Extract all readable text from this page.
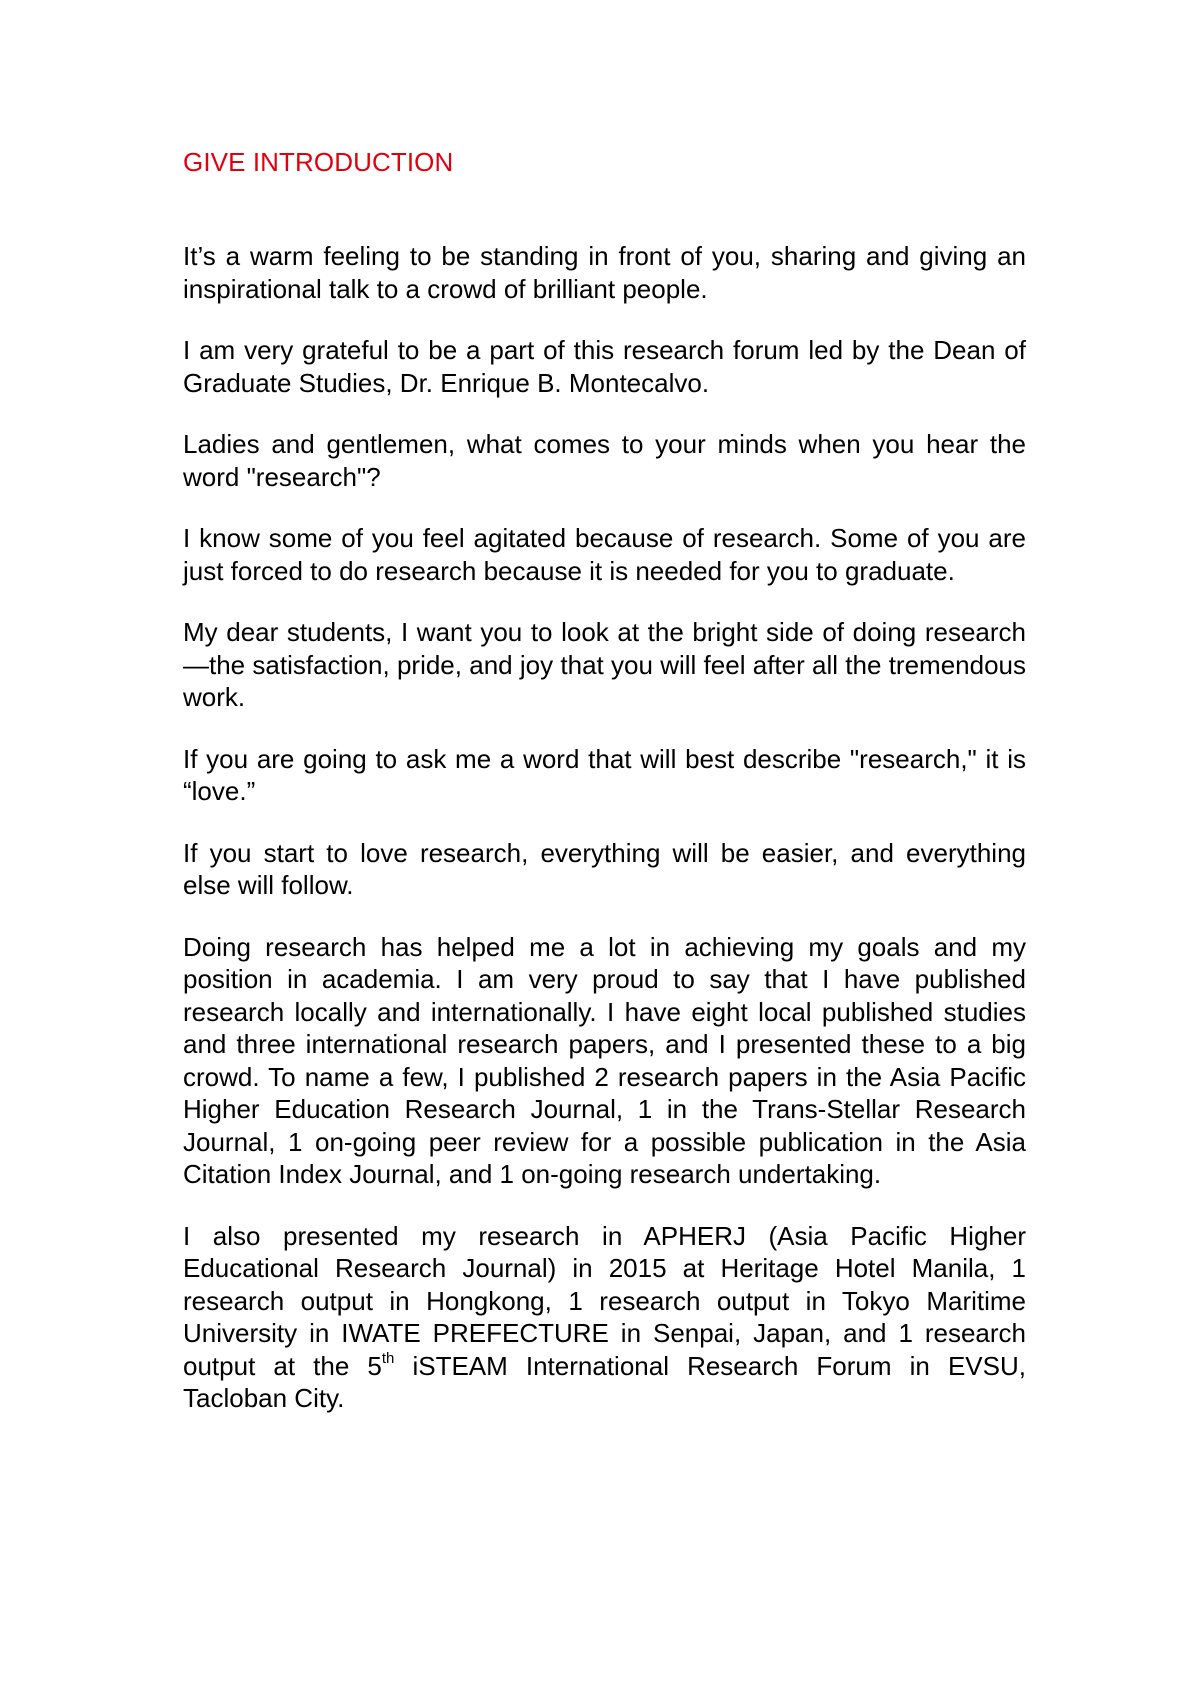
GIVE INTRODUCTION

It’s a warm feeling to be standing in front of you, sharing and giving an inspirational talk to a crowd of brilliant people.

I am very grateful to be a part of this research forum led by the Dean of Graduate Studies, Dr. Enrique B. Montecalvo.

Ladies and gentlemen, what comes to your minds when you hear the word "research"?

I know some of you feel agitated because of research. Some of you are just forced to do research because it is needed for you to graduate.

My dear students, I want you to look at the bright side of doing research—the satisfaction, pride, and joy that you will feel after all the tremendous work.

If you are going to ask me a word that will best describe "research," it is “love.”

If you start to love research, everything will be easier, and everything else will follow.

Doing research has helped me a lot in achieving my goals and my position in academia. I am very proud to say that I have published research locally and internationally. I have eight local published studies and three international research papers, and I presented these to a big crowd. To name a few, I published 2 research papers in the Asia Pacific Higher Education Research Journal, 1 in the Trans-Stellar Research Journal, 1 on-going peer review for a possible publication in the Asia Citation Index Journal, and 1 on-going research undertaking.

I also presented my research in APHERJ (Asia Pacific Higher Educational Research Journal) in 2015 at Heritage Hotel Manila, 1 research output in Hongkong, 1 research output in Tokyo Maritime University in IWATE PREFECTURE in Senpai, Japan, and 1 research output at the 5th iSTEAM International Research Forum in EVSU, Tacloban City.
